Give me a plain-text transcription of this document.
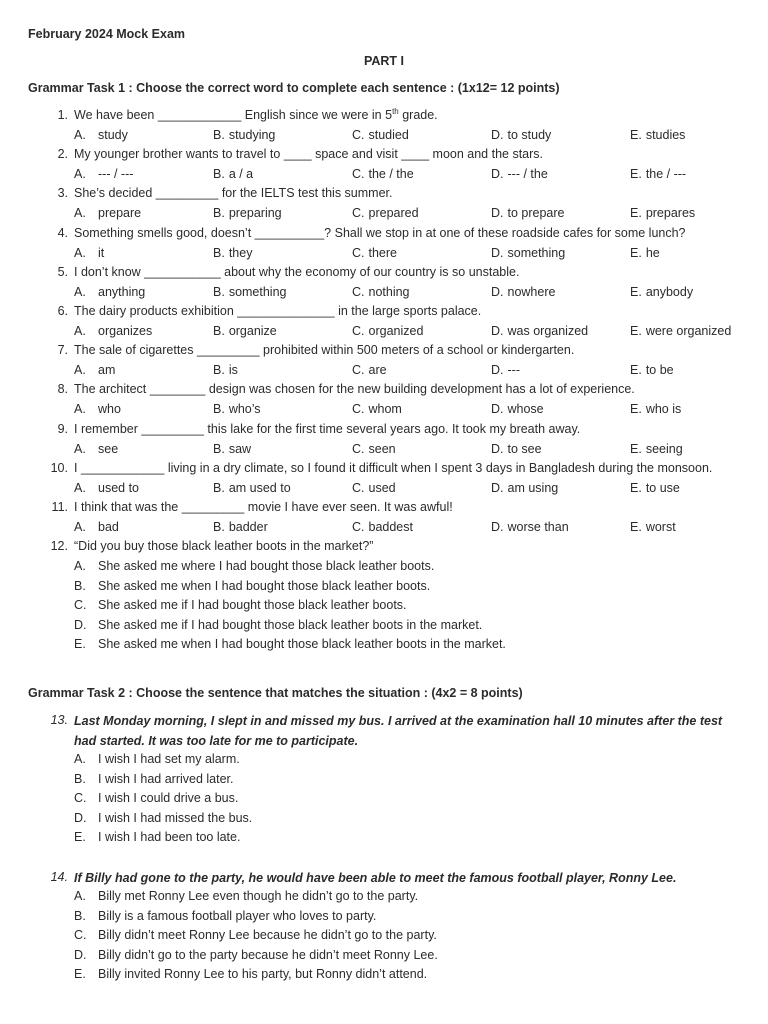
February 2024 Mock Exam
PART I
Grammar Task 1 : Choose the correct word to complete each sentence : (1x12= 12 points)
1. We have been ____________ English since we were in 5th grade.
A. study	B. studying	C. studied	D. to study	E. studies
2. My younger brother wants to travel to ____ space and visit ____ moon and the stars.
A. --- / ---	B. a / a	C. the / the	D. --- / the	E. the / ---
3. She’s decided _________ for the IELTS test this summer.
A. prepare	B. preparing	C. prepared	D. to prepare	E. prepares
4. Something smells good, doesn’t __________? Shall we stop in at one of these roadside cafes for some lunch?
A. it	B. they	C. there	D. something	E. he
5. I don’t know ___________ about why the economy of our country is so unstable.
A. anything	B. something	C. nothing	D. nowhere	E. anybody
6. The dairy products exhibition ______________ in the large sports palace.
A. organizes	B. organize	C. organized	D. was organized	E. were organized
7. The sale of cigarettes _________ prohibited within 500 meters of a school or kindergarten.
A. am	B. is	C. are	D. ---	E. to be
8. The architect ________ design was chosen for the new building development has a lot of experience.
A. who	B. who’s	C. whom	D. whose	E. who is
9. I remember _________ this lake for the first time several years ago. It took my breath away.
A. see	B. saw	C. seen	D. to see	E. seeing
10. I ____________ living in a dry climate, so I found it difficult when I spent 3 days in Bangladesh during the monsoon.
A. used to	B. am used to	C. used	D. am using	E. to use
11. I think that was the _________ movie I have ever seen. It was awful!
A. bad	B. badder	C. baddest	D. worse than	E. worst
12. “Did you buy those black leather boots in the market?”
A. She asked me where I had bought those black leather boots.
B. She asked me when I had bought those black leather boots.
C. She asked me if I had bought those black leather boots.
D. She asked me if I had bought those black leather boots in the market.
E. She asked me when I had bought those black leather boots in the market.
Grammar Task 2 : Choose the sentence that matches the situation : (4x2 = 8 points)
13. Last Monday morning, I slept in and missed my bus. I arrived at the examination hall 10 minutes after the test had started. It was too late for me to participate.
A. I wish I had set my alarm.
B. I wish I had arrived later.
C. I wish I could drive a bus.
D. I wish I had missed the bus.
E. I wish I had been too late.
14. If Billy had gone to the party, he would have been able to meet the famous football player, Ronny Lee.
A. Billy met Ronny Lee even though he didn’t go to the party.
B. Billy is a famous football player who loves to party.
C. Billy didn’t meet Ronny Lee because he didn’t go to the party.
D. Billy didn’t go to the party because he didn’t meet Ronny Lee.
E. Billy invited Ronny Lee to his party, but Ronny didn’t attend.
